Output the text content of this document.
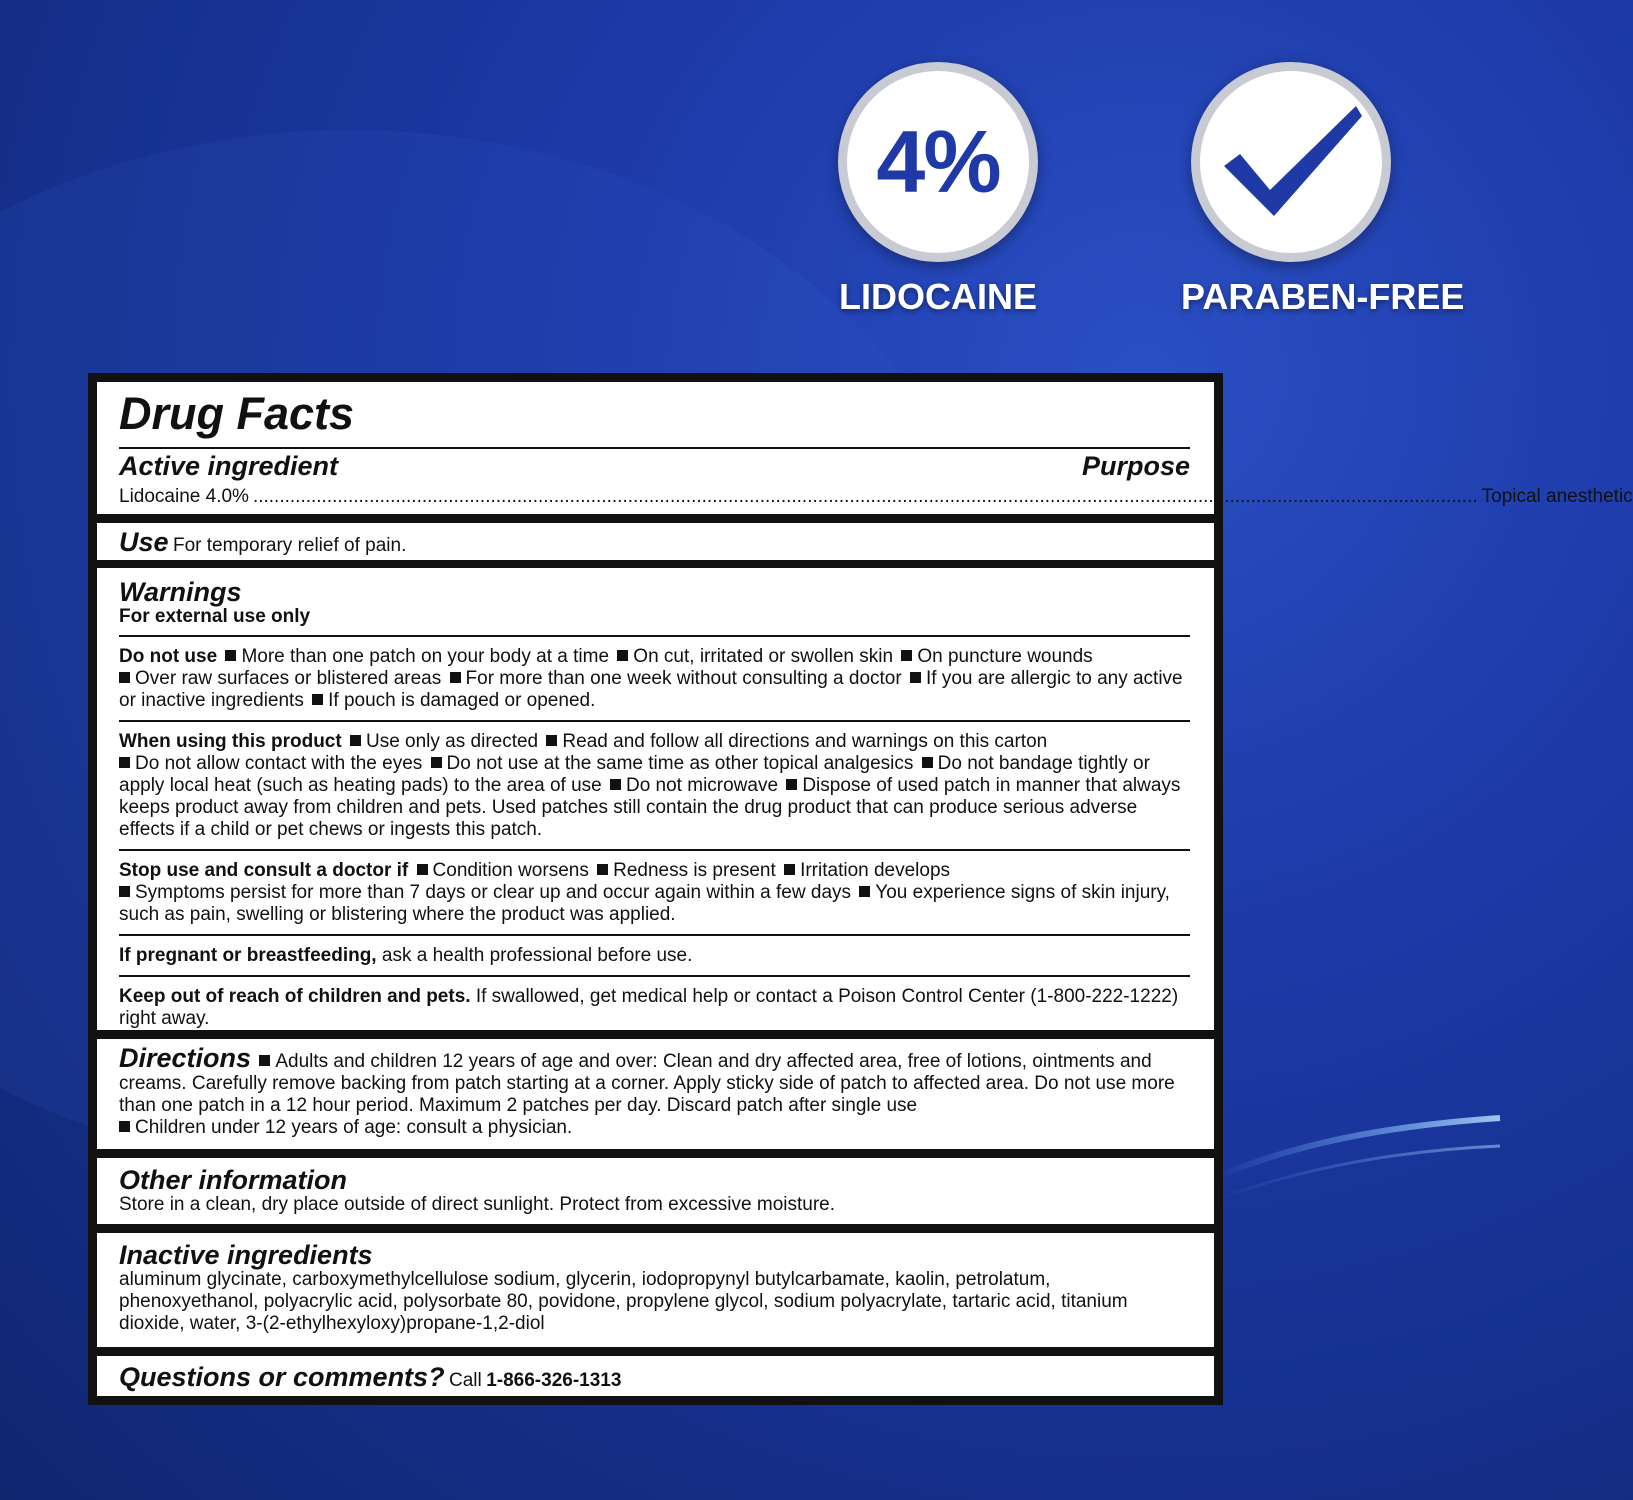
4%
LIDOCAINE	PARABEN-FREE
Drug Facts
Active ingredient	Purpose
Lidocaine 4.0% ........................................................................................................................................................................................................................................ Topical anesthetic
Use For temporary relief of pain.
Warnings
For external use only
Do not use More than one patch on your body at a time On cut, irritated or swollen skin On puncture wounds
Over raw surfaces or blistered areas For more than one week without consulting a doctor If you are allergic to any active or inactive ingredients If pouch is damaged or opened.
When using this product Use only as directed Read and follow all directions and warnings on this carton
Do not allow contact with the eyes Do not use at the same time as other topical analgesics Do not bandage tightly or apply local heat (such as heating pads) to the area of use Do not microwave Dispose of used patch in manner that always keeps product away from children and pets. Used patches still contain the drug product that can produce serious adverse effects if a child or pet chews or ingests this patch.
Stop use and consult a doctor if Condition worsens Redness is present Irritation develops
Symptoms persist for more than 7 days or clear up and occur again within a few days You experience signs of skin injury, such as pain, swelling or blistering where the product was applied.
If pregnant or breastfeeding, ask a health professional before use.
Keep out of reach of children and pets. If swallowed, get medical help or contact a Poison Control Center (1-800-222-1222) right away.
Directions Adults and children 12 years of age and over: Clean and dry affected area, free of lotions, ointments and creams. Carefully remove backing from patch starting at a corner. Apply sticky side of patch to affected area. Do not use more than one patch in a 12 hour period. Maximum 2 patches per day. Discard patch after single use
Children under 12 years of age: consult a physician.
Other information
Store in a clean, dry place outside of direct sunlight. Protect from excessive moisture.
Inactive ingredients
aluminum glycinate, carboxymethylcellulose sodium, glycerin, iodopropynyl butylcarbamate, kaolin, petrolatum, phenoxyethanol, polyacrylic acid, polysorbate 80, povidone, propylene glycol, sodium polyacrylate, tartaric acid, titanium dioxide, water, 3-(2-ethylhexyloxy)propane-1,2-diol
Questions or comments? Call 1-866-326-1313
